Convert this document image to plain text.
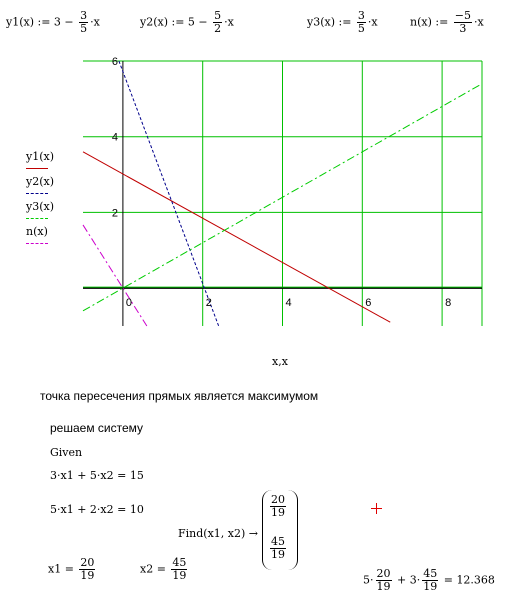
y1(x) := $3 - \frac{3}{5} \cdot x$	y2(x) := $5 - \frac{5}{2} \cdot x$	y3(x) := $\frac{3}{5} \cdot x$	n(x) := $\frac{-5}{3} \cdot x$
y1(x)
y2(x)
y3(x)
n(x)
0	2	4	6	8
2
4
6
x,x
точка пересечения прямых является максимумом
решаем систему
Given
3·x1 + 5·x2 = 15
5·x1 + 2·x2 = 10
Find(x1, x2) →
$\frac{20}{19}$
$\frac{45}{19}$
$x1 = \frac{20}{19}$	$x2 = \frac{45}{19}$	$5\cdot \frac{20}{19} + 3\cdot \frac{45}{19} = 12.368$
